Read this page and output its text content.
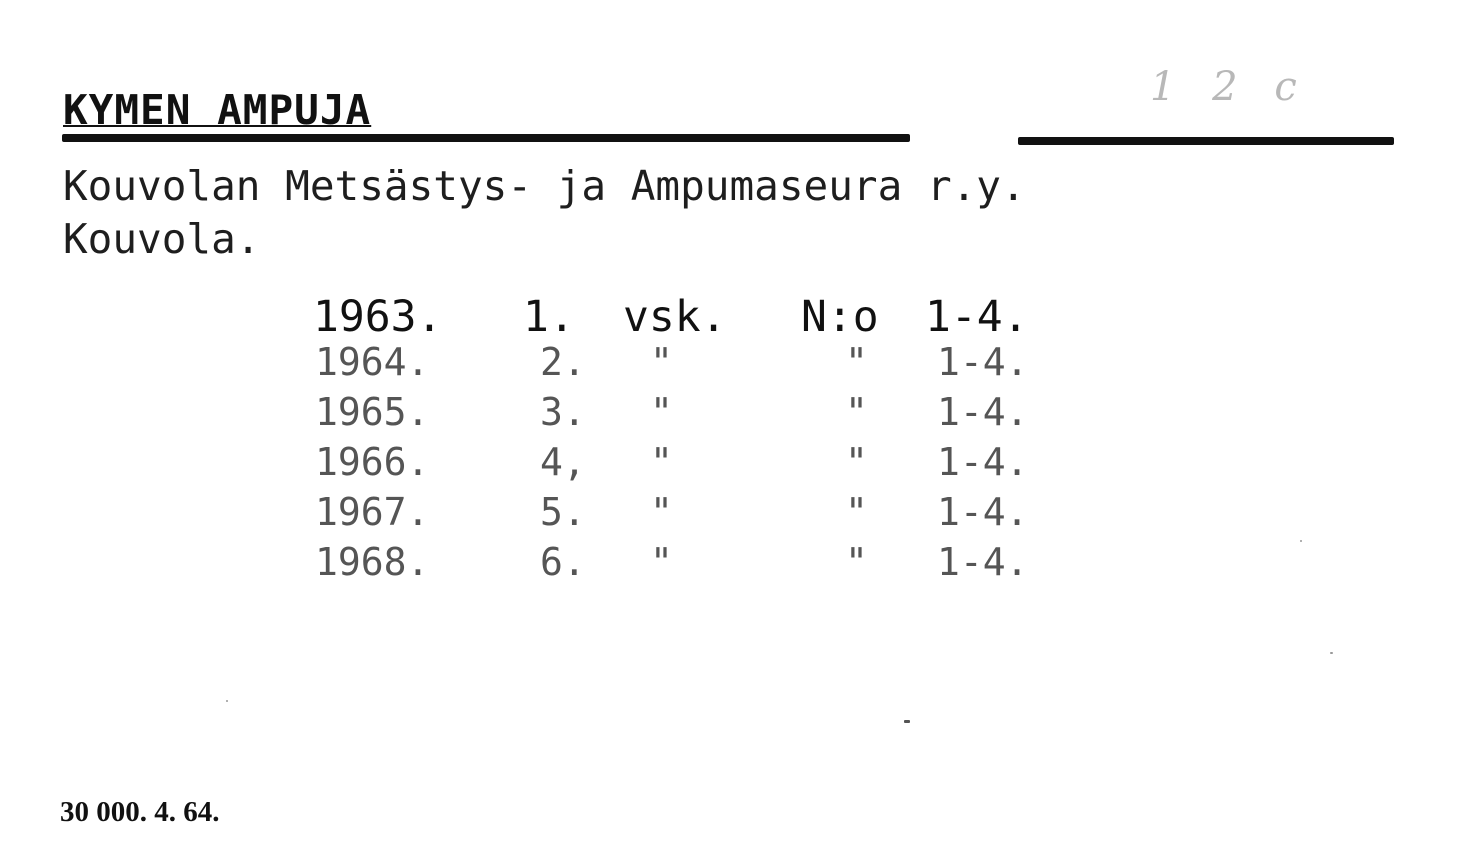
KYMEN AMPUJA	1 2 c
Kouvolan Metsästys- ja Ampumaseura r.y.
Kouvola.
1963. 1. vsk. N:o 1-4.
1964.	2. "	" 1-4.
1965.	3. "	" 1-4.
1966.	4, "	" 1-4.
1967.	5. "	" 1-4.
1968.	6. "	" 1-4.
30 000. 4. 64.
